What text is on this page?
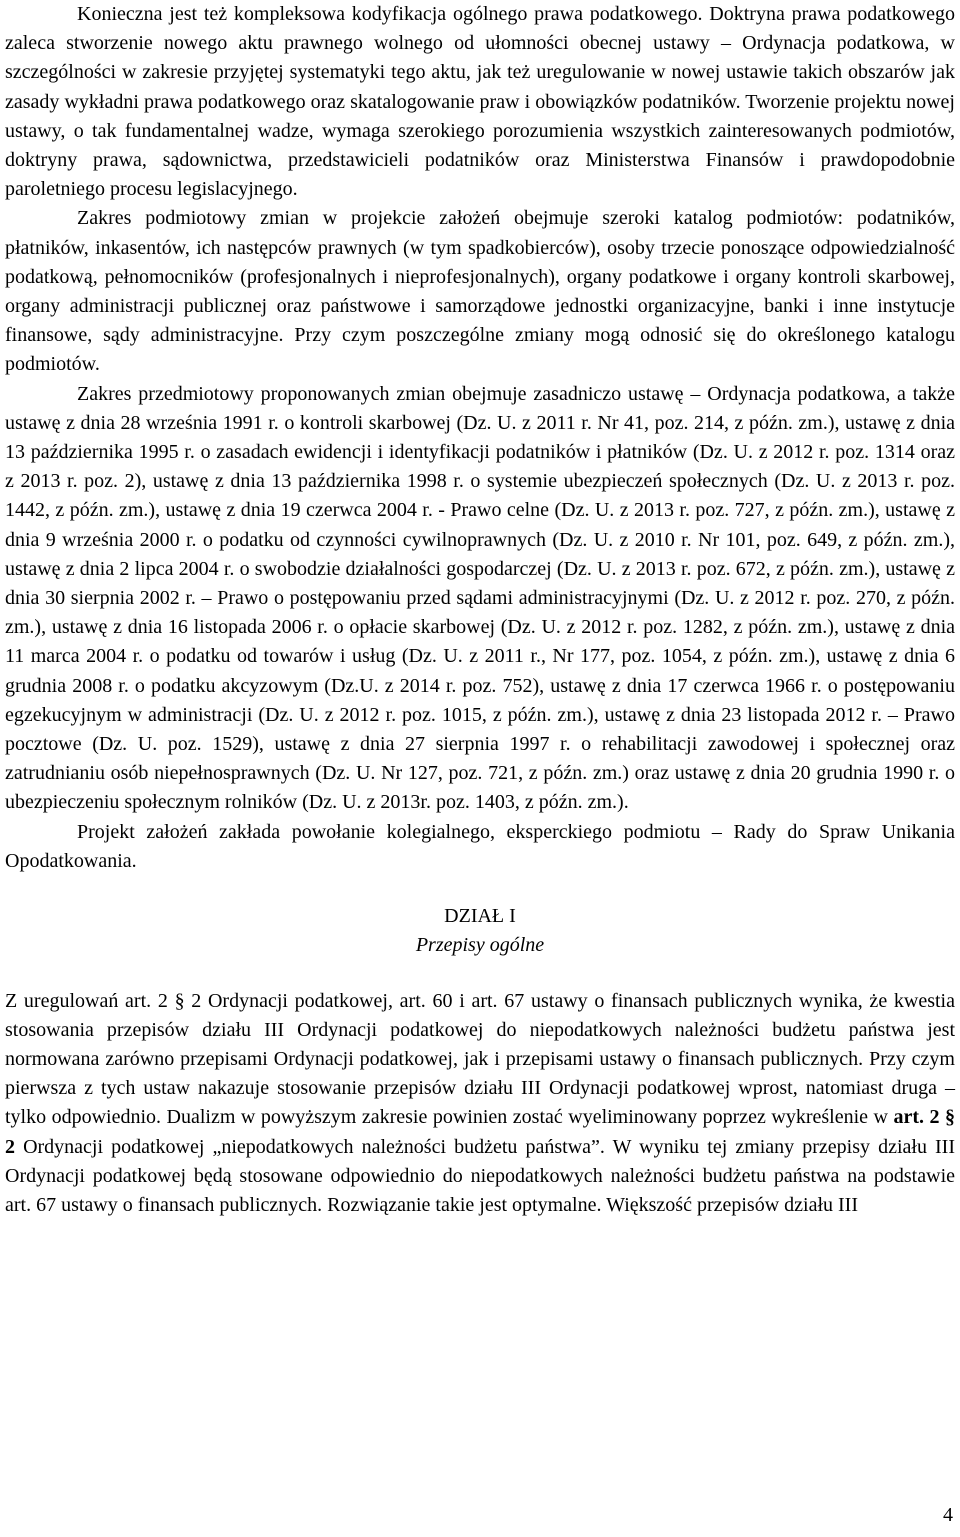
Konieczna jest też kompleksowa kodyfikacja ogólnego prawa podatkowego. Doktryna prawa podatkowego zaleca stworzenie nowego aktu prawnego wolnego od ułomności obecnej ustawy – Ordynacja podatkowa, w szczególności w zakresie przyjętej systematyki tego aktu, jak też uregulowanie w nowej ustawie takich obszarów jak zasady wykładni prawa podatkowego oraz skatalogowanie praw i obowiązków podatników. Tworzenie projektu nowej ustawy, o tak fundamentalnej wadze, wymaga szerokiego porozumienia wszystkich zainteresowanych podmiotów, doktryny prawa, sądownictwa, przedstawicieli podatników oraz Ministerstwa Finansów i prawdopodobnie paroletniego procesu legislacyjnego.

Zakres podmiotowy zmian w projekcie założeń obejmuje szeroki katalog podmiotów: podatników, płatników, inkasentów, ich następców prawnych (w tym spadkobierców), osoby trzecie ponoszące odpowiedzialność podatkową, pełnomocników (profesjonalnych i nieprofesjonalnych), organy podatkowe i organy kontroli skarbowej, organy administracji publicznej oraz państwowe i samorządowe jednostki organizacyjne, banki i inne instytucje finansowe, sądy administracyjne. Przy czym poszczególne zmiany mogą odnosić się do określonego katalogu podmiotów.

Zakres przedmiotowy proponowanych zmian obejmuje zasadniczo ustawę – Ordynacja podatkowa, a także ustawę z dnia 28 września 1991 r. o kontroli skarbowej (Dz. U. z 2011 r. Nr 41, poz. 214, z późn. zm.), ustawę z dnia 13 października 1995 r. o zasadach ewidencji i identyfikacji podatników i płatników (Dz. U. z 2012 r. poz. 1314 oraz z 2013 r. poz. 2), ustawę z dnia 13 października 1998 r. o systemie ubezpieczeń społecznych (Dz. U. z 2013 r. poz. 1442, z późn. zm.), ustawę z dnia 19 czerwca 2004 r. - Prawo celne (Dz. U. z 2013 r. poz. 727, z późn. zm.), ustawę z dnia 9 września 2000 r. o podatku od czynności cywilnoprawnych (Dz. U. z 2010 r. Nr 101, poz. 649, z późn. zm.), ustawę z dnia 2 lipca 2004 r. o swobodzie działalności gospodarczej (Dz. U. z 2013 r. poz. 672, z późn. zm.), ustawę z dnia 30 sierpnia 2002 r. – Prawo o postępowaniu przed sądami administracyjnymi (Dz. U. z 2012 r. poz. 270, z późn. zm.), ustawę z dnia 16 listopada 2006 r. o opłacie skarbowej (Dz. U. z 2012 r. poz. 1282, z późn. zm.), ustawę z dnia 11 marca 2004 r. o podatku od towarów i usług (Dz. U. z 2011 r., Nr 177, poz. 1054, z późn. zm.), ustawę z dnia 6 grudnia 2008 r. o podatku akcyzowym (Dz.U. z 2014 r. poz. 752), ustawę z dnia 17 czerwca 1966 r. o postępowaniu egzekucyjnym w administracji (Dz. U. z 2012 r. poz. 1015, z późn. zm.), ustawę z dnia 23 listopada 2012 r. – Prawo pocztowe (Dz. U. poz. 1529), ustawę z dnia 27 sierpnia 1997 r. o rehabilitacji zawodowej i społecznej oraz zatrudnianiu osób niepełnosprawnych (Dz. U. Nr 127, poz. 721, z późn. zm.) oraz ustawę z dnia 20 grudnia 1990 r. o ubezpieczeniu społecznym rolników (Dz. U. z 2013r. poz. 1403, z późn. zm.).

Projekt założeń zakłada powołanie kolegialnego, eksperckiego podmiotu – Rady do Spraw Unikania Opodatkowania.

DZIAŁ I

Przepisy ogólne

Z uregulowań art. 2 § 2 Ordynacji podatkowej, art. 60 i art. 67 ustawy o finansach publicznych wynika, że kwestia stosowania przepisów działu III Ordynacji podatkowej do niepodatkowych należności budżetu państwa jest normowana zarówno przepisami Ordynacji podatkowej, jak i przepisami ustawy o finansach publicznych. Przy czym pierwsza z tych ustaw nakazuje stosowanie przepisów działu III Ordynacji podatkowej wprost, natomiast druga – tylko odpowiednio. Dualizm w powyższym zakresie powinien zostać wyeliminowany poprzez wykreślenie w art. 2 § 2 Ordynacji podatkowej „niepodatkowych należności budżetu państwa”. W wyniku tej zmiany przepisy działu III Ordynacji podatkowej będą stosowane odpowiednio do niepodatkowych należności budżetu państwa na podstawie art. 67 ustawy o finansach publicznych. Rozwiązanie takie jest optymalne. Większość przepisów działu III

4
